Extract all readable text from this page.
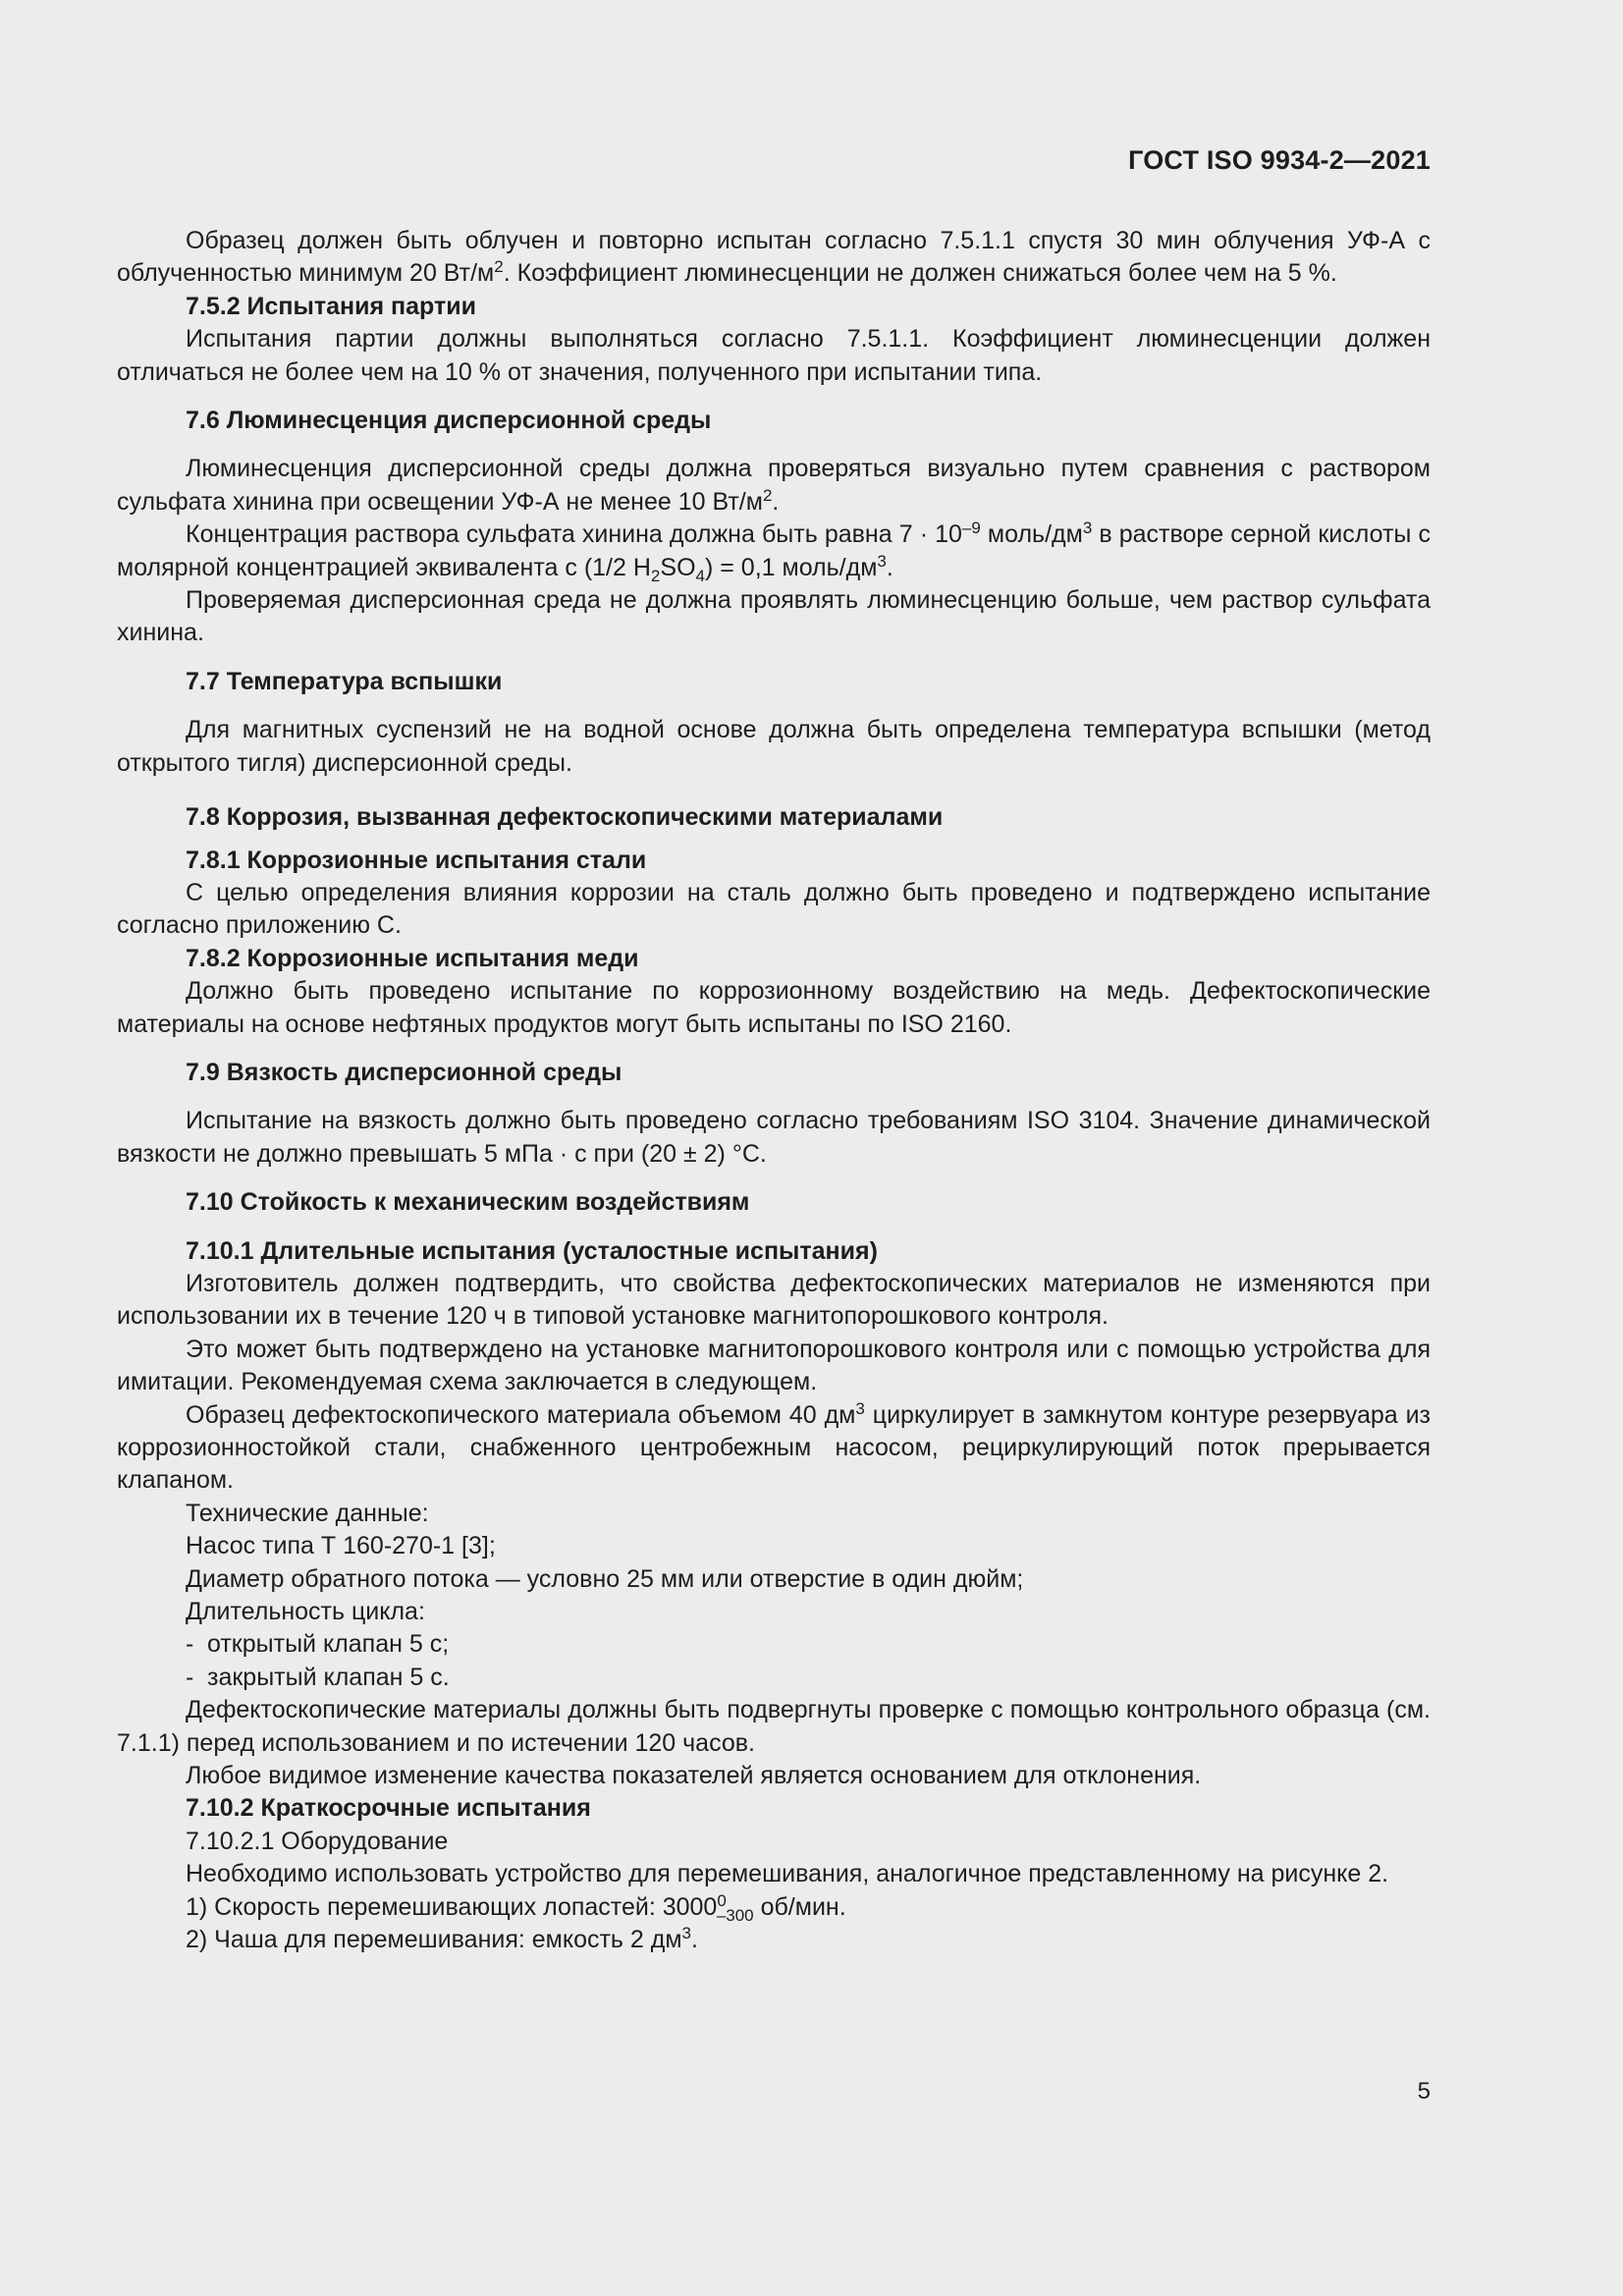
ГОСТ ISO 9934-2—2021

Образец должен быть облучен и повторно испытан согласно 7.5.1.1 спустя 30 мин облучения УФ-А с облученностью минимум 20 $Вт/м^2$. Коэффициент люминесценции не должен снижаться более чем на 5 %.

7.5.2 Испытания партии

Испытания партии должны выполняться согласно 7.5.1.1. Коэффициент люминесценции должен отличаться не более чем на 10 % от значения, полученного при испытании типа.

7.6 Люминесценция дисперсионной среды

Люминесценция дисперсионной среды должна проверяться визуально путем сравнения с раствором сульфата хинина при освещении УФ-А не менее 10 $Вт/м^2$.

Концентрация раствора сульфата хинина должна быть равна $7 \cdot 10^{-9}$ моль/$дм^3$ в растворе серной кислоты с молярной концентрацией эквивалента с (1/2 $H_2SO_4) = 0,1$ моль/$дм^3$.

Проверяемая дисперсионная среда не должна проявлять люминесценцию больше, чем раствор сульфата хинина.

7.7 Температура вспышки

Для магнитных суспензий не на водной основе должна быть определена температура вспышки (метод открытого тигля) дисперсионной среды.

7.8 Коррозия, вызванная дефектоскопическими материалами

7.8.1 Коррозионные испытания стали

С целью определения влияния коррозии на сталь должно быть проведено и подтверждено испытание согласно приложению С.

7.8.2 Коррозионные испытания меди

Должно быть проведено испытание по коррозионному воздействию на медь. Дефектоскопические материалы на основе нефтяных продуктов могут быть испытаны по ISO 2160.

7.9 Вязкость дисперсионной среды

Испытание на вязкость должно быть проведено согласно требованиям ISO 3104. Значение динамической вязкости не должно превышать 5 мПа · с при (20 ± 2) °C.

7.10 Стойкость к механическим воздействиям

7.10.1 Длительные испытания (усталостные испытания)

Изготовитель должен подтвердить, что свойства дефектоскопических материалов не изменяются при использовании их в течение 120 ч в типовой установке магнитопорошкового контроля.

Это может быть подтверждено на установке магнитопорошкового контроля или с помощью устройства для имитации. Рекомендуемая схема заключается в следующем.

Образец дефектоскопического материала объемом 40 $дм^3$ циркулирует в замкнутом контуре резервуара из коррозионностойкой стали, снабженного центробежным насосом, рециркулирующий поток прерывается клапаном.

Технические данные:

Насос типа Т 160-270-1 [3];

Диаметр обратного потока — условно 25 мм или отверстие в один дюйм;

Длительность цикла:

- открытый клапан 5 с;

- закрытый клапан 5 с.

Дефектоскопические материалы должны быть подвергнуты проверке с помощью контрольного образца (см. 7.1.1) перед использованием и по истечении 120 часов.

Любое видимое изменение качества показателей является основанием для отклонения.

7.10.2 Краткосрочные испытания

7.10.2.1 Оборудование

Необходимо использовать устройство для перемешивания, аналогичное представленному на рисунке 2.

1) Скорость перемешивающих лопастей: $3000^0_{-300}$ об/мин.

2) Чаша для перемешивания: емкость 2 $дм^3$.

5
